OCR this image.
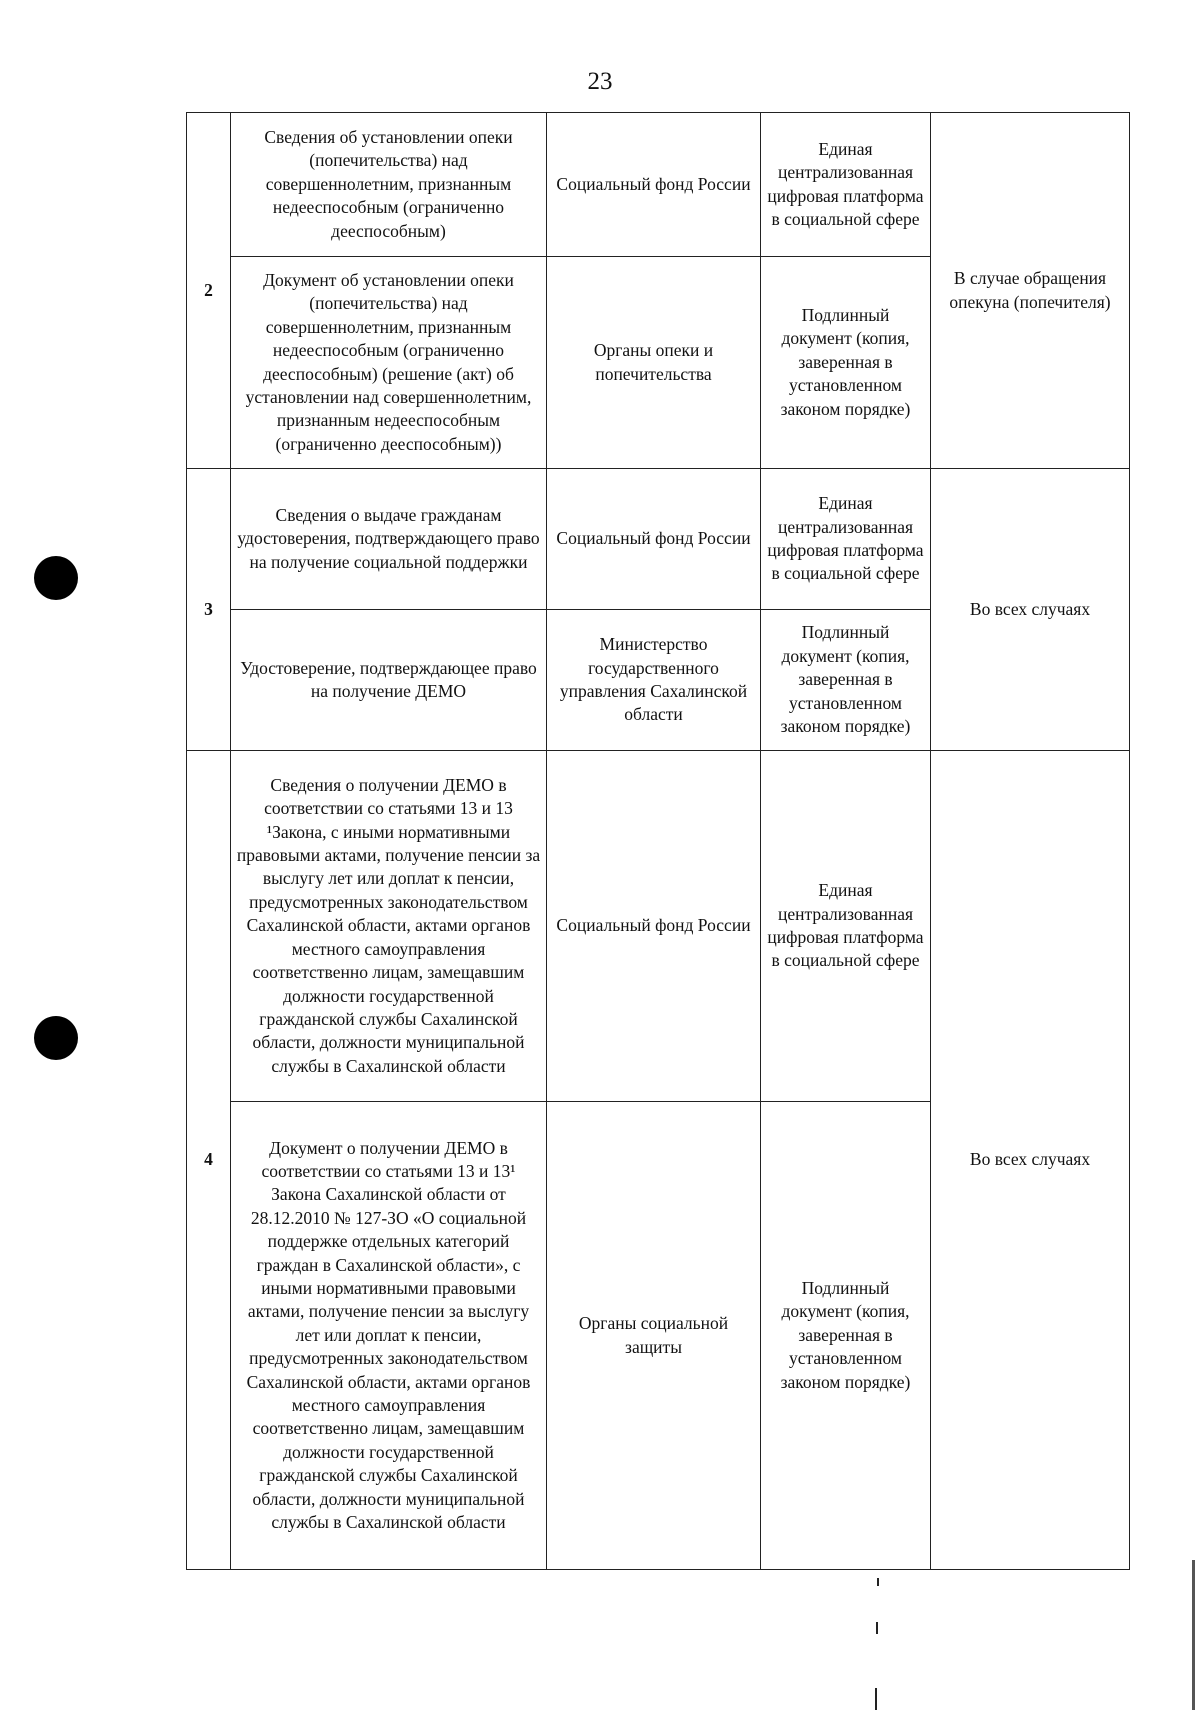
23
2	Сведения об установлении опеки (попечительства) над совершеннолетним, признанным недееспособным (ограниченно дееспособным)	Социальный фонд России	Единая централизованная цифровая платформа в социальной сфере	В случае обращения опекуна (попечителя)
	Документ об установлении опеки (попечительства) над совершеннолетним, признанным недееспособным (ограниченно дееспособным) (решение (акт) об установлении над совершеннолетним, признанным недееспособным (ограниченно дееспособным))	Органы опеки и попечительства	Подлинный документ (копия, заверенная в установленном законом порядке)	
3	Сведения о выдаче гражданам удостоверения, подтверждающего право на получение социальной поддержки	Социальный фонд России	Единая централизованная цифровая платформа в социальной сфере	Во всех случаях
	Удостоверение, подтверждающее право на получение ДЕМО	Министерство государственного управления Сахалинской области	Подлинный документ (копия, заверенная в установленном законом порядке)	
4	Сведения о получении ДЕМО в соответствии со статьями 13 и 13 ¹Закона, с иными нормативными правовыми актами, получение пенсии за выслугу лет или доплат к пенсии, предусмотренных законодательством Сахалинской области, актами органов местного самоуправления соответственно лицам, замещавшим должности государственной гражданской службы Сахалинской области, должности муниципальной службы в Сахалинской области	Социальный фонд России	Единая централизованная цифровая платформа в социальной сфере	Во всех случаях
	Документ о получении ДЕМО в соответствии со статьями 13 и 13¹ Закона Сахалинской области от 28.12.2010 № 127-ЗО «О социальной поддержке отдельных категорий граждан в Сахалинской области», с иными нормативными правовыми актами, получение пенсии за выслугу лет или доплат к пенсии, предусмотренных законодательством Сахалинской области, актами органов местного самоуправления соответственно лицам, замещавшим должности государственной гражданской службы Сахалинской области, должности муниципальной службы в Сахалинской области	Органы социальной защиты	Подлинный документ (копия, заверенная в установленном законом порядке)	
